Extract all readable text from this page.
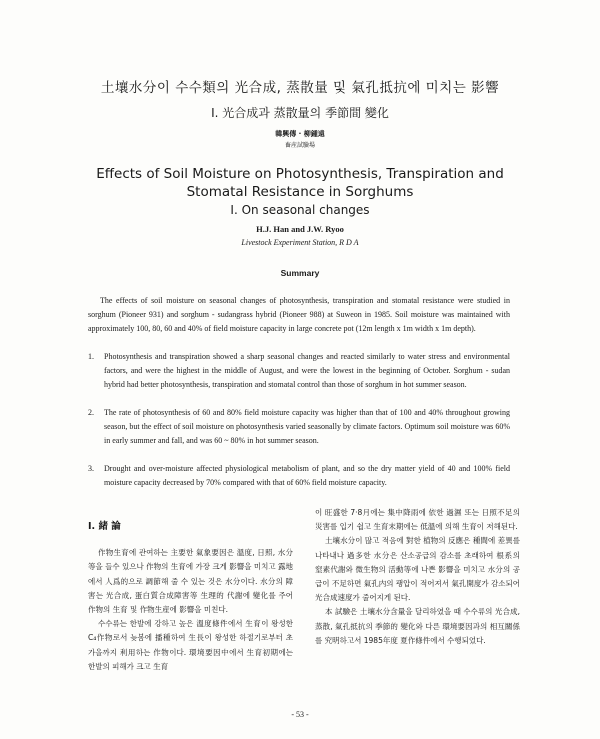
土壤水分이 수수類의 光合成, 蒸散量 및 氣孔抵抗에 미치는 影響
I. 光合成과 蒸散量의 季節間 變化
韓興傳 · 柳鍾遠
畜産試驗場
Effects of Soil Moisture on Photosynthesis, Transpiration and
Stomatal Resistance in Sorghums
I. On seasonal changes
H.J. Han and J.W. Ryoo
Livestock Experiment Station, R D A
Summary
The effects of soil moisture on seasonal changes of photosynthesis, transpiration and stomatal resistance were studied in sorghum (Pioneer 931) and sorghum - sudangrass hybrid (Pioneer 988) at Suweon in 1985. Soil moisture was maintained with approximately 100, 80, 60 and 40% of field moisture capacity in large concrete pot (12m length x 1m width x 1m depth).
1. Photosynthesis and transpiration showed a sharp seasonal changes and reacted similarly to water stress and environmental factors, and were the highest in the middle of August, and were the lowest in the beginning of October. Sorghum - sudan hybrid had better photosynthesis, transpiration and stomatal control than those of sorghum in hot summer season.
2. The rate of photosynthesis of 60 and 80% field moisture capacity was higher than that of 100 and 40% throughout growing season, but the effect of soil moisture on photosynthesis varied seasonally by climate factors. Optimum soil moisture was 60% in early summer and fall, and was 60 ~ 80% in hot summer season.
3. Drought and over-moisture affected physiological metabolism of plant, and so the dry matter yield of 40 and 100% field moisture capacity decreased by 70% compared with that of 60% field moisture capacity.
I. 緒 論

作物生育에 관여하는 主要한 氣象要因은 溫度, 日照, 水分等을 들수 있으나 作物의 生育에 가장 크게 影響을 미치고 露地에서 人爲的으로 調節해 줄 수 있는 것은 水分이다. 水分의 障害는 光合成, 蛋白質合成障害等 生理的 代謝에 變化를 주어 作物의 生育 및 作物生産에 影響을 미친다.

수수류는 한발에 강하고 높은 溫度條件에서 生育이 왕성한 C₄作物로서 늦봄에 播種하여 生長이 왕성한 하절기로부터 초가을까지 利用하는 作物이다. 環境要因中에서 生育初期에는 한발의 피해가 크고 生育

이 旺盛한 7·8月에는 集中降雨에 依한 過濕 또는 日照不足의 災害를 입기 쉽고 生育末期에는 低溫에 의해 生育이 저해된다.

土壤水分이 많고 적음에 對한 植物의 反應은 種間에 差異를 나타내나 過多한 水分은 산소공급의 감소를 초래하여 根系의 窒素代謝와 微生物의 活動等에 나쁜 影響을 미치고 水分의 공급이 不足하면 氣孔内의 팽압이 적어져서 氣孔開度가 감소되어 光合成速度가 줄어지게 된다.

本 試驗은 土壤水分含量을 달리하였을 때 수수류의 光合成, 蒸散, 氣孔抵抗의 季節的 變化와 다른 環境要因과의 相互關係를 究明하고서 1985年度 夏作條件에서 수행되었다.

- 53 -
